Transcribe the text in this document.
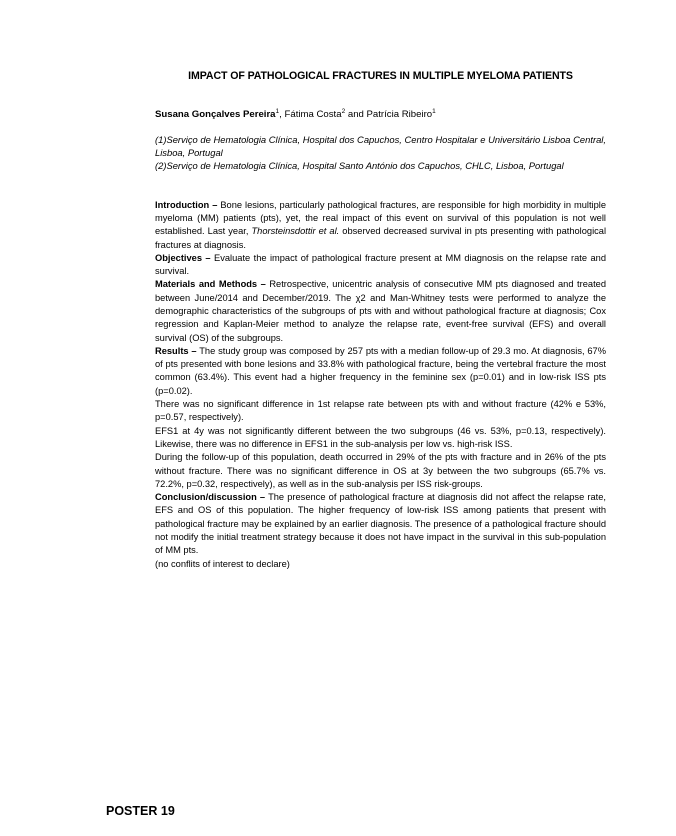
IMPACT OF PATHOLOGICAL FRACTURES IN MULTIPLE MYELOMA PATIENTS
Susana Gonçalves Pereira$^1$, Fátima Costa$^2$ and Patrícia Ribeiro$^1$

(1)Serviço de Hematologia Clínica, Hospital dos Capuchos, Centro Hospitalar e Universitário Lisboa Central, Lisboa, Portugal

(2)Serviço de Hematologia Clínica, Hospital Santo António dos Capuchos, CHLC, Lisboa, Portugal

Introduction – Bone lesions, particularly pathological fractures, are responsible for high morbidity in multiple myeloma (MM) patients (pts), yet, the real impact of this event on survival of this population is not well established. Last year, Thorsteinsdottir et al. observed decreased survival in pts presenting with pathological fractures at diagnosis.

Objectives – Evaluate the impact of pathological fracture present at MM diagnosis on the relapse rate and survival.

Materials and Methods – Retrospective, unicentric analysis of consecutive MM pts diagnosed and treated between June/2014 and December/2019. The χ2 and Man-Whitney tests were performed to analyze the demographic characteristics of the subgroups of pts with and without pathological fracture at diagnosis; Cox regression and Kaplan-Meier method to analyze the relapse rate, event-free survival (EFS) and overall survival (OS) of the subgroups.

Results – The study group was composed by 257 pts with a median follow-up of 29.3 mo. At diagnosis, 67% of pts presented with bone lesions and 33.8% with pathological fracture, being the vertebral fracture the most common (63.4%). This event had a higher frequency in the feminine sex (p=0.01) and in low-risk ISS pts (p=0.02).

There was no significant difference in 1st relapse rate between pts with and without fracture (42% e 53%, p=0.57, respectively).

EFS1 at 4y was not significantly different between the two subgroups (46 vs. 53%, p=0.13, respectively). Likewise, there was no difference in EFS1 in the sub-analysis per low vs. high-risk ISS.

During the follow-up of this population, death occurred in 29% of the pts with fracture and in 26% of the pts without fracture. There was no significant difference in OS at 3y between the two subgroups (65.7% vs. 72.2%, p=0.32, respectively), as well as in the sub-analysis per ISS risk-groups.

Conclusion/discussion – The presence of pathological fracture at diagnosis did not affect the relapse rate, EFS and OS of this population. The higher frequency of low-risk ISS among patients that present with pathological fracture may be explained by an earlier diagnosis. The presence of a pathological fracture should not modify the initial treatment strategy because it does not have impact in the survival in this sub-population of MM pts.

(no conflits of interest to declare)

POSTER 19
